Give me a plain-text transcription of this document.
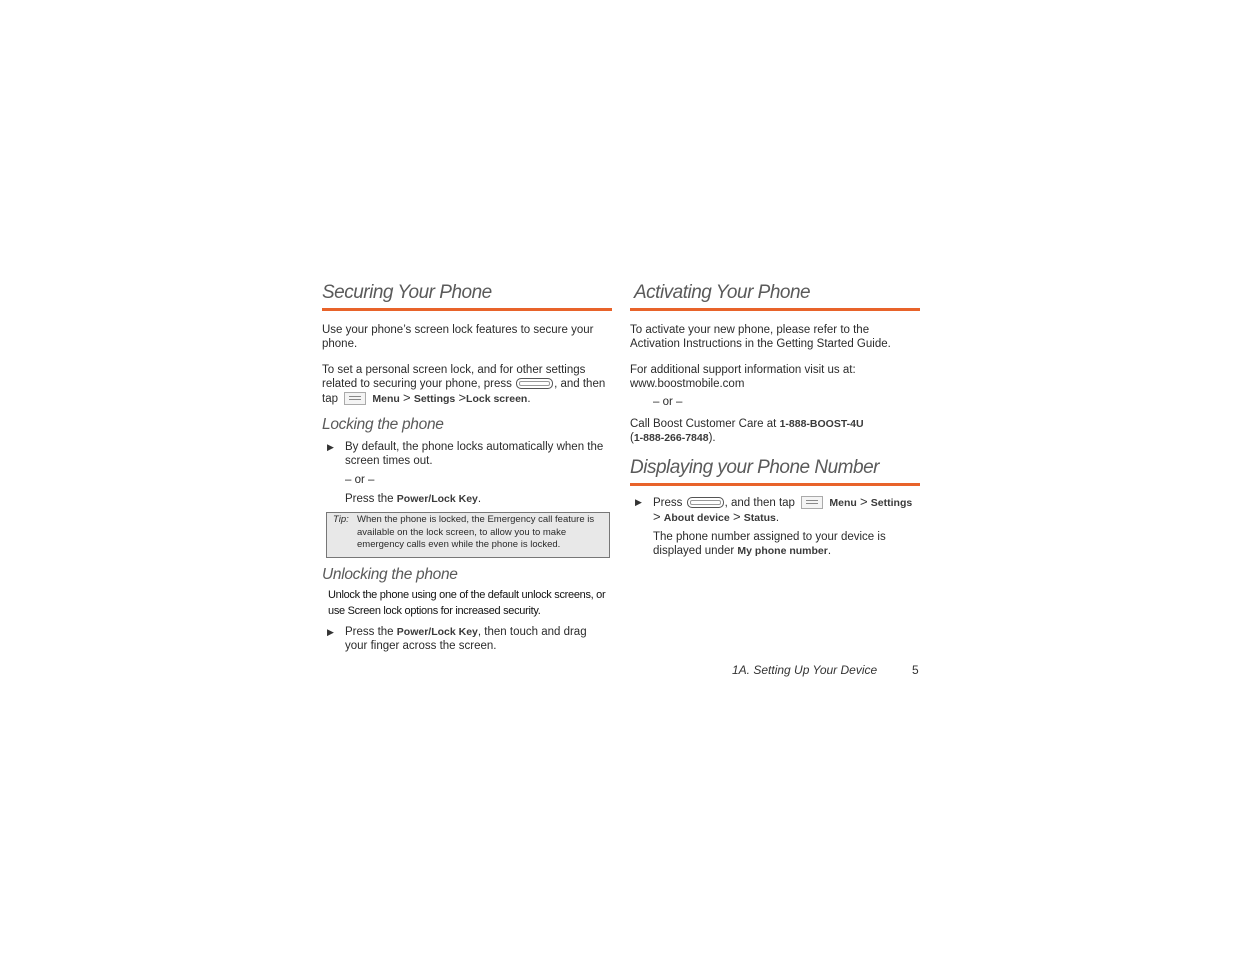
Securing Your Phone

Use your phone’s screen lock features to secure your phone.

To set a personal screen lock, and for other settings related to securing your phone, press	, and then tap	Menu > Settings >Lock screen.

Locking the phone

▶ By default, the phone locks automatically when the screen times out.

– or –

Press the Power/Lock Key.

Tip: When the phone is locked, the Emergency call feature is available on the lock screen, to allow you to make emergency calls even while the phone is locked.
Unlocking the phone

Unlock the phone using one of the default unlock screens, or use Screen lock options for increased security.

▶ Press the Power/Lock Key, then touch and drag your finger across the screen.

Activating Your Phone

To activate your new phone, please refer to the Activation Instructions in the Getting Started Guide.

For additional support information visit us at: www.boostmobile.com

– or –

Call Boost Customer Care at 1-888-BOOST-4U
(1-888-266-7848).

Displaying your Phone Number

▶ Press	, and then tap	Menu > Settings
> About device > Status.

The phone number assigned to your device is displayed under My phone number.

1A. Setting Up Your Device	5
